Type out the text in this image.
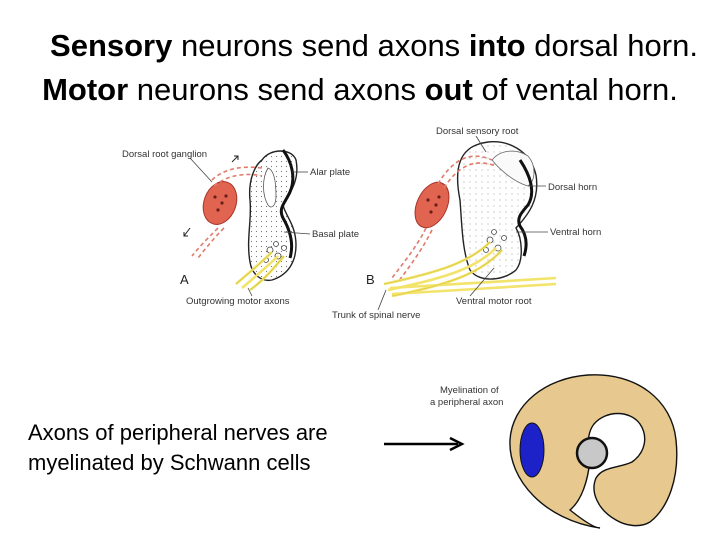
Sensory neurons send axons into dorsal horn.
Motor neurons send axons out of vental horn.
Dorsal root ganglion
Alar plate
Basal plate
Outgrowing motor axons
A
Dorsal sensory root
Dorsal horn
Ventral horn
Ventral motor root
Trunk of spinal nerve
B
Myelination of
a peripheral axon
Axons of peripheral nerves are
myelinated by Schwann cells
